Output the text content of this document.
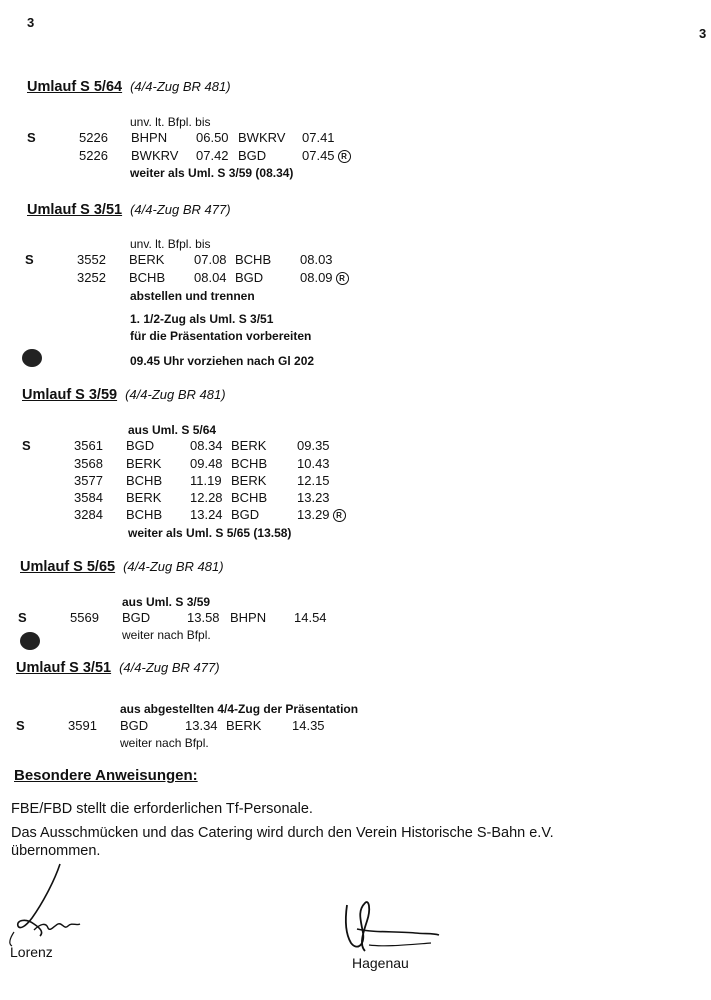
3
3
Umlauf S 5/64 (4/4-Zug BR 481)
unv. lt. Bfpl. bis
S	5226 BHPN 06.50 BWKRV 07.41
5226 BWKRV 07.42 BGD	07.45 R
weiter als Uml. S 3/59 (08.34)
Umlauf S 3/51 (4/4-Zug BR 477)
unv. lt. Bfpl. bis
S	3552 BERK 07.08 BCHB 08.03
3252 BCHB 08.04 BGD	08.09 R
abstellen und trennen
1. 1/2-Zug als Uml. S 3/51
für die Präsentation vorbereiten
09.45 Uhr vorziehen nach Gl 202
Umlauf S 3/59 (4/4-Zug BR 481)
aus Uml. S 5/64
S	3561 BGD	08.34 BERK 09.35
3568 BERK 09.48 BCHB 10.43
3577 BCHB 11.19 BERK 12.15
3584 BERK 12.28 BCHB 13.23
3284 BCHB 13.24 BGD	13.29 R
weiter als Uml. S 5/65 (13.58)
Umlauf S 5/65 (4/4-Zug BR 481)
aus Uml. S 3/59
S	5569 BGD	13.58 BHPN 14.54
weiter nach Bfpl.
Umlauf S 3/51 (4/4-Zug BR 477)
aus abgestellten 4/4-Zug der Präsentation
S	3591 BGD	13.34 BERK 14.35
weiter nach Bfpl.
Besondere Anweisungen:
FBE/FBD stellt die erforderlichen Tf-Personale.
Das Ausschmücken und das Catering wird durch den Verein Historische S-Bahn e.V.
übernommen.
Lorenz
Hagenau
